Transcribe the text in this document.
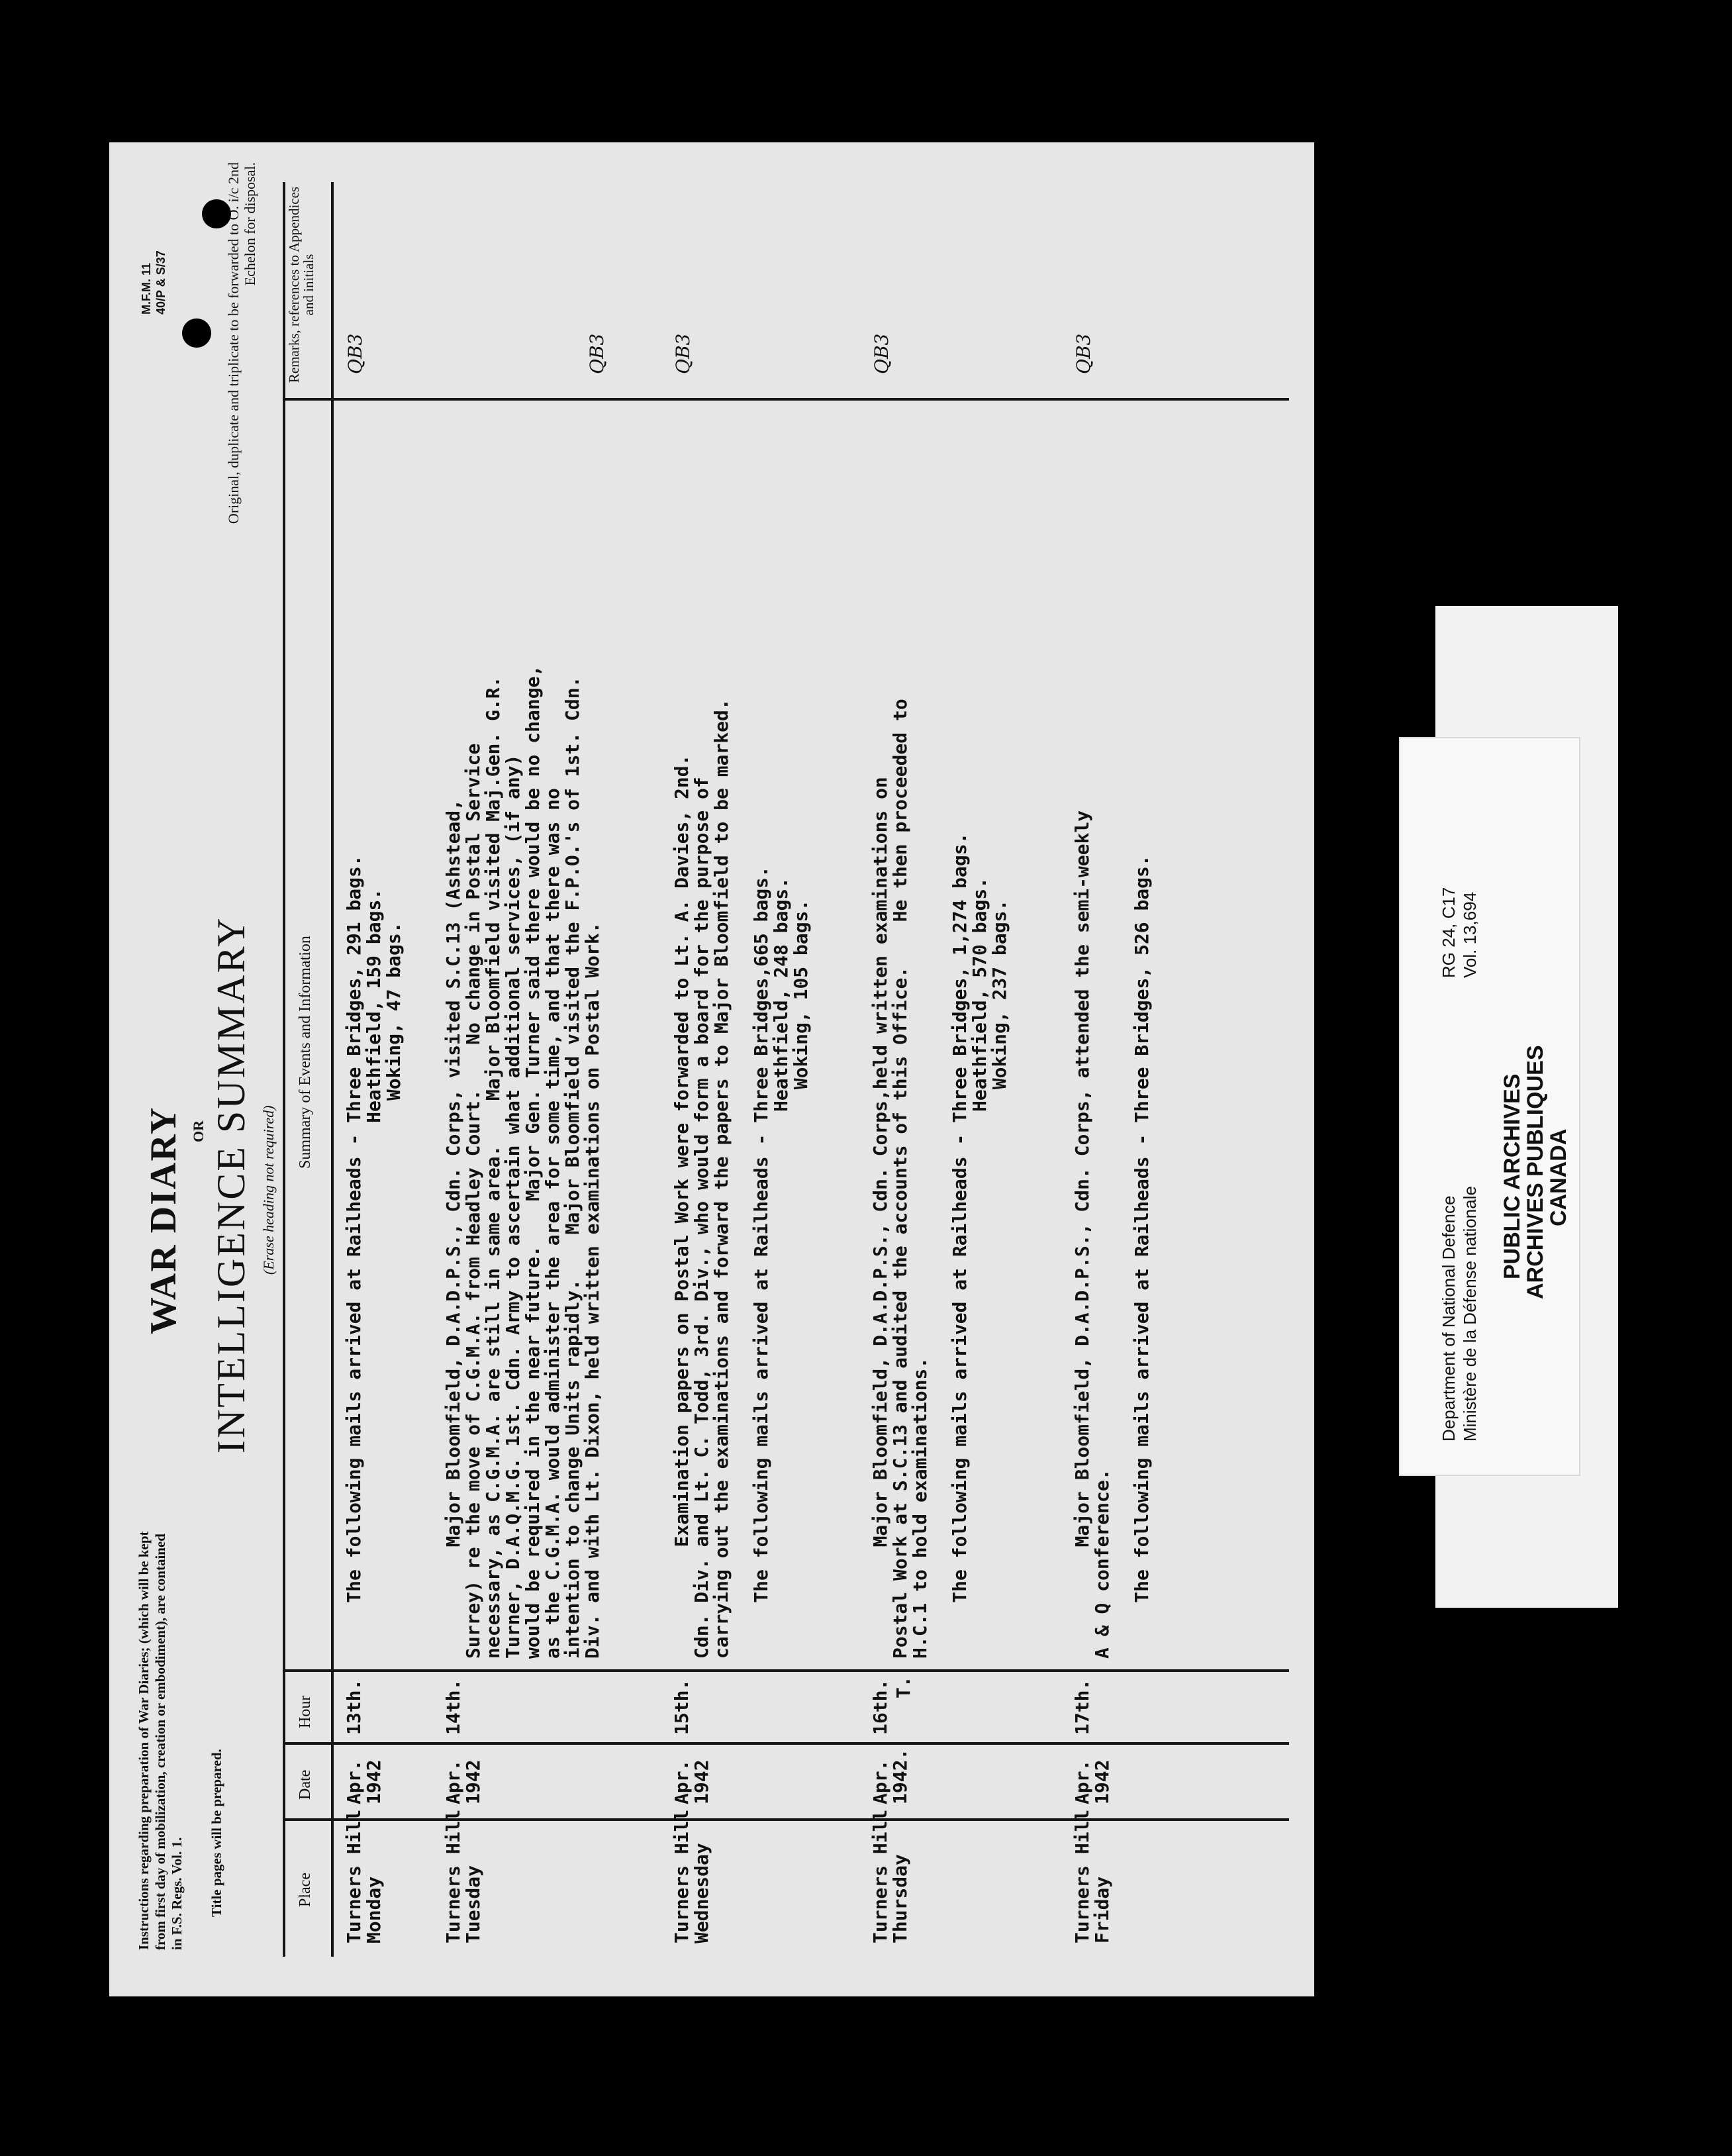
Instructions regarding preparation of War Diaries; (which will be kept from first day of mobilization, creation or embodiment), are contained in F.S. Regs. Vol. 1. Title pages will be prepared.
WAR DIARY OR INTELLIGENCE SUMMARY (Erase heading not required)
M.F.M. 11 40/P & S/37	Original, duplicate and triplicate to be forwarded to O. i/c 2nd Echelon for disposal.
Place
Date
Hour
Summary of Events and Information
Remarks, references to Appendices and initials
Turners Hill
Monday
Apr.
1942
13th.
The following mails arrived at Railheads - Three Bridges, 291 bags.
Heathfield, 159 bags.
Woking, 47 bags.
QB3
Turners Hill
Tuesday
Apr.
1942
14th.
Major Bloomfield, D.A.D.P.S., Cdn. Corps, visited S.C.13 (Ashstead,
Surrey) re the move of C.G.M.A. from Headley Court.    No change in Postal Service
necessary, as C.G.M.A. are still in same area.    Major Bloomfield visited Maj.Gen. G.R.
Turner, D.A.Q.M.G. 1st. Cdn. Army to ascertain what additional services, (if any)
would be required in the near future.    Major Gen. Turner said there would be no change,
as the C.G.M.A. would administer the area for some time, and that there was no
intention to change Units rapidly.    Major Bloomfield visited the F.P.O.'s of 1st. Cdn.
Div. and with Lt. Dixon, held written examinations on Postal Work.
QB3
Turners Hill
Wednesday
Apr.
1942
15th.
Examination papers on Postal Work were forwarded to Lt. A. Davies, 2nd.
Cdn. Div. and Lt. C. Todd, 3rd. Div., who would form a board for the purpose of
carrying out the examinations and forward the papers to Major Bloomfield to be marked.

The following mails arrived at Railheads - Three Bridges,665 bags.
Heathfield, 248 bags.
Woking, 105 bags.
QB3
Turners Hill
Thursday
Apr.
1942.
16th. T.
Major Bloomfield, D.A.D.P.S., Cdn. Corps,held written examinations on
Postal Work at S.C.13 and audited the accounts of this Office.    He then proceeded to
H.C.1 to hold examinations.

The following mails arrived at Railheads - Three Bridges, 1,274 bags.
Heathfield, 570 bags.
Woking, 237 bags.
QB3
Turners Hill
Friday
Apr.
1942
17th.
Major Bloomfield, D.A.D.P.S., Cdn. Corps, attended the semi-weekly
A & Q conference.

The following mails arrived at Railheads - Three Bridges, 526 bags.
QB3
Department of National Defence Ministère de la Défense nationale
RG 24, C17 Vol. 13,694
PUBLIC ARCHIVES
ARCHIVES PUBLIQUES
CANADA
